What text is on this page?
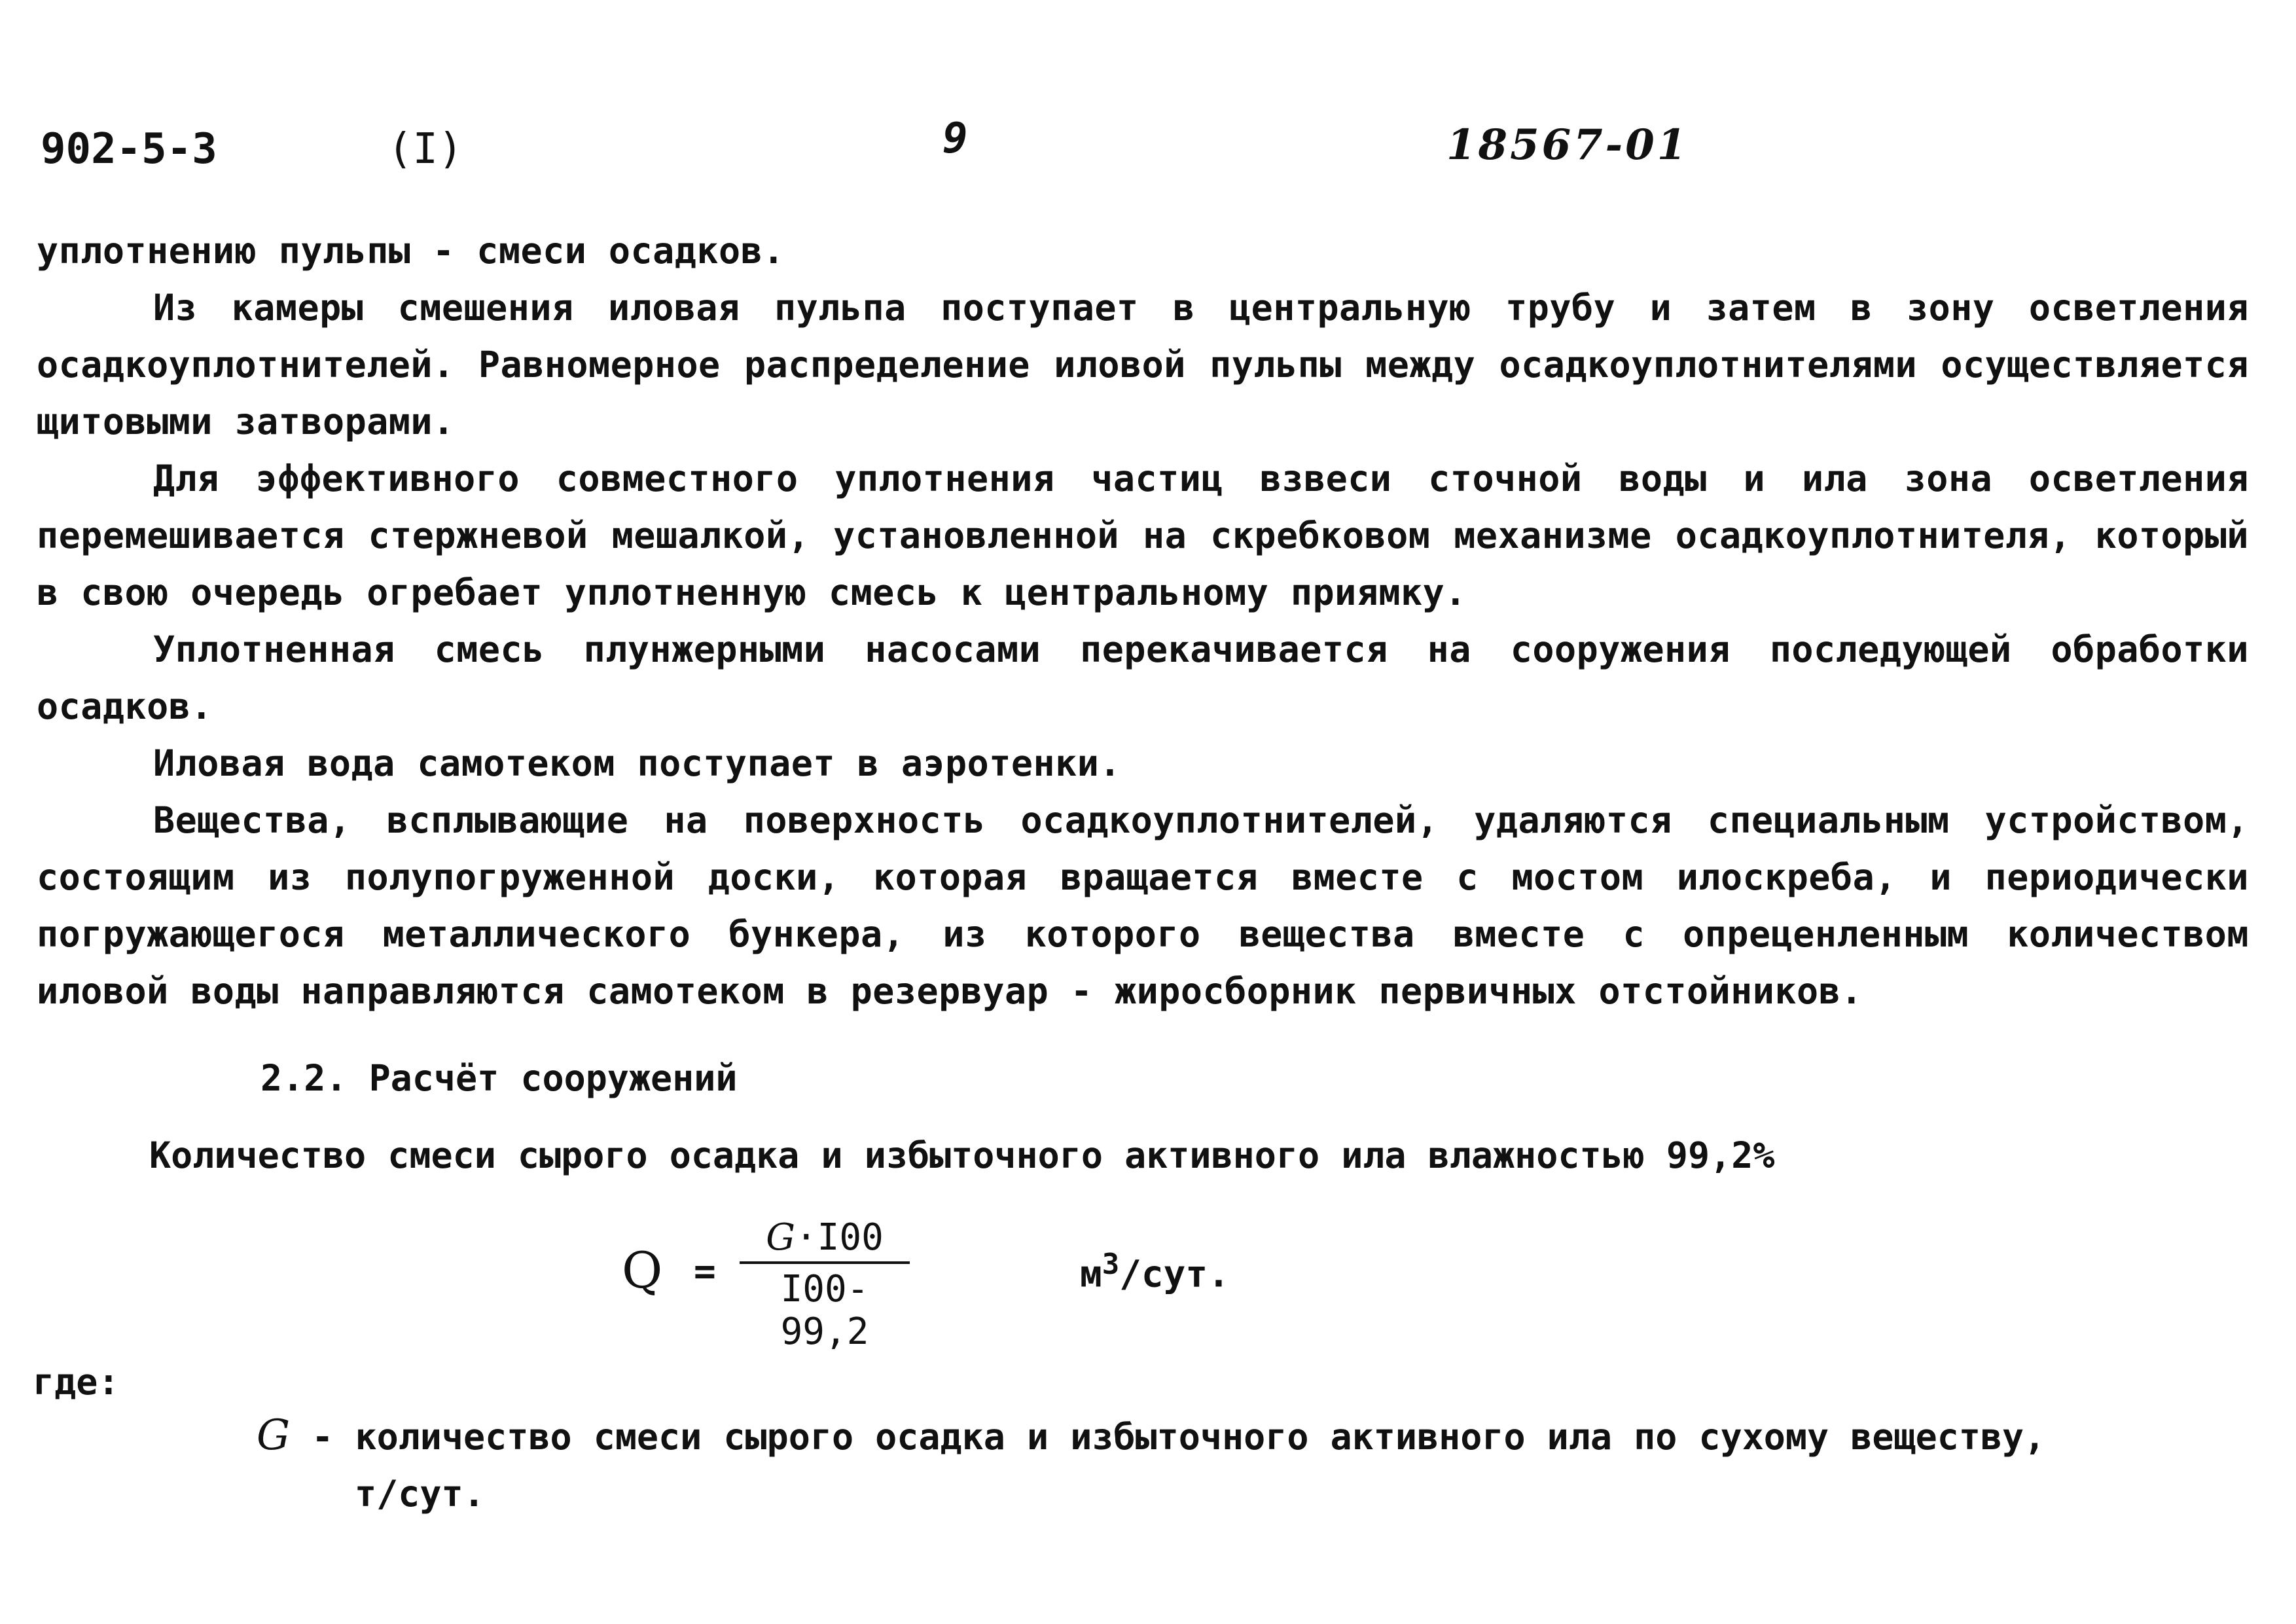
902-5-3	(I)	9	18567-01

уплотнению пульпы - смеси осадков.

Из камеры смешения иловая пульпа поступает в центральную трубу и затем в зону осветления осадкоуплотнителей. Равномерное распределение иловой пульпы между осадкоуплотнителями осуществляется щитовыми затворами.

Для эффективного совместного уплотнения частиц взвеси сточной воды и ила зона осветления перемешивается стержневой мешалкой, установленной на скребковом механизме осадкоуплотнителя, который в свою очередь огребает уплотненную смесь к центральному приямку.

Уплотненная смесь плунжерными насосами перекачивается на сооружения последующей обработки осадков.

Иловая вода самотеком поступает в аэротенки.

Вещества, всплывающие на поверхность осадкоуплотнителей, удаляются специальным устройством, состоящим из полупогруженной доски, которая вращается вместе с мостом илоскреба, и периодически погружающегося металлического бункера, из которого вещества вместе с опреценленным количеством иловой воды направляются самотеком в резервуар - жиросборник первичных отстойников.

2.2. Расчёт сооружений
Количество смеси сырого осадка и избыточного активного ила влажностью 99,2%
$Q = \frac{G\cdot I00}{I00-99,2}$	$м^3$/сут.
где:
G - количество смеси сырого осадка и избыточного активного ила по сухому веществу,
т/сут.
